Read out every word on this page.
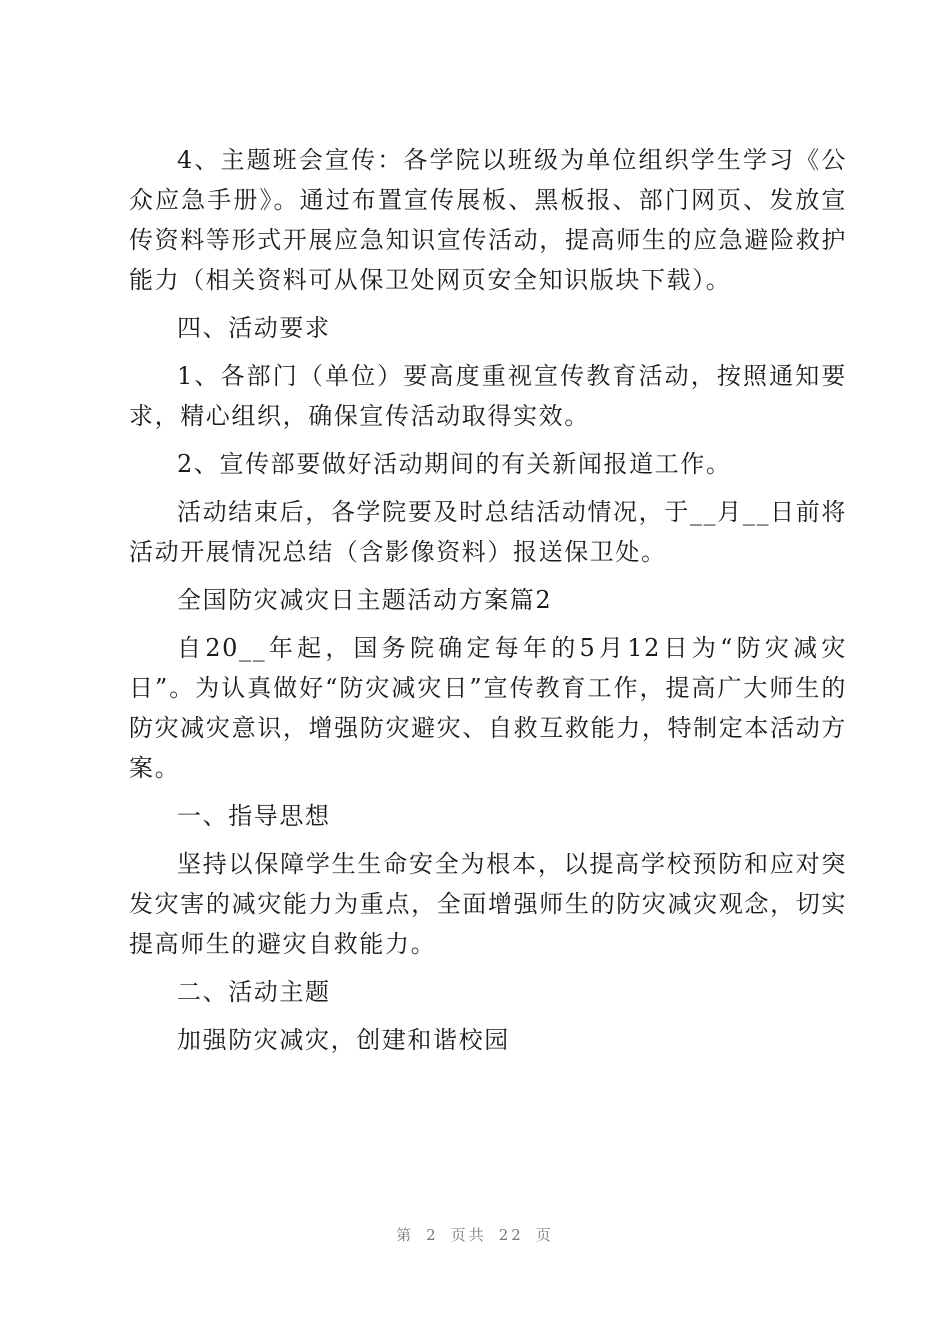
4、主题班会宣传：各学院以班级为单位组织学生学习《公众应急手册》。通过布置宣传展板、黑板报、部门网页、发放宣传资料等形式开展应急知识宣传活动，提高师生的应急避险救护能力（相关资料可从保卫处网页安全知识版块下载）。

四、活动要求

1、各部门（单位）要高度重视宣传教育活动，按照通知要求，精心组织，确保宣传活动取得实效。

2、宣传部要做好活动期间的有关新闻报道工作。

活动结束后，各学院要及时总结活动情况，于__月__日前将活动开展情况总结（含影像资料）报送保卫处。

全国防灾减灾日主题活动方案篇2

自20__年起，国务院确定每年的5月12日为“防灾减灾日”。为认真做好“防灾减灾日”宣传教育工作，提高广大师生的防灾减灾意识，增强防灾避灾、自救互救能力，特制定本活动方案。

一、指导思想

坚持以保障学生生命安全为根本，以提高学校预防和应对突发灾害的减灾能力为重点，全面增强师生的防灾减灾观念，切实提高师生的避灾自救能力。

二、活动主题

加强防灾减灾，创建和谐校园

第 2 页共 22 页
